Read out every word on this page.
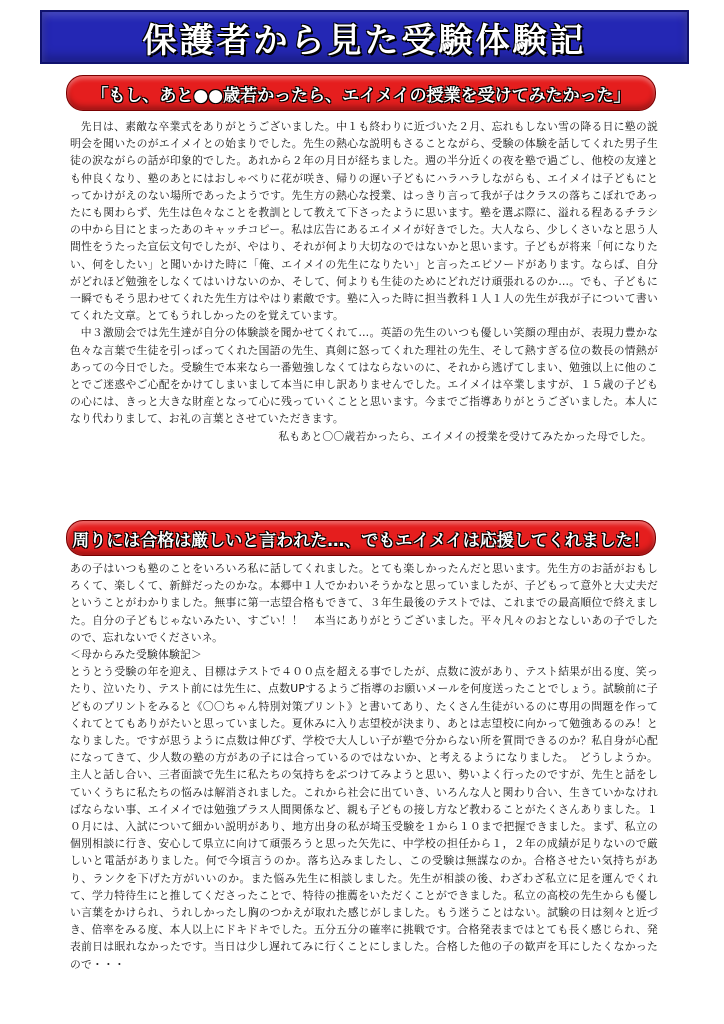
保護者から見た受験体験記
「もし、あと●●歳若かったら、エイメイの授業を受けてみたかった」

先日は、素敵な卒業式をありがとうございました。中１も終わりに近づいた２月、忘れもしない雪の降る日に塾の説明会を聞いたのがエイメイとの始まりでした。先生の熱心な説明もさることながら、受験の体験を話してくれた男子生徒の涙ながらの話が印象的でした。あれから２年の月日が経ちました。週の半分近くの夜を塾で過ごし、他校の友達とも仲良くなり、塾のあとにはおしゃべりに花が咲き、帰りの遅い子どもにハラハラしながらも、エイメイは子どもにとってかけがえのない場所であったようです。先生方の熱心な授業、はっきり言って我が子はクラスの落ちこぼれであったにも関わらず、先生は色々なことを教訓として教えて下さったように思います。塾を選ぶ際に、溢れる程あるチラシの中から目にとまったあのキャッチコピー。私は広告にあるエイメイが好きでした。大人なら、少しくさいなと思う人間性をうたった宣伝文句でしたが、やはり、それが何より大切なのではないかと思います。子どもが将来「何になりたい、何をしたい」と聞いかけた時に「俺、エイメイの先生になりたい」と言ったエピソードがあります。ならば、自分がどれほど勉強をしなくてはいけないのか、そして、何よりも生徒のためにどれだけ頑張れるのか…。でも、子どもに一瞬でもそう思わせてくれた先生方はやはり素敵です。塾に入った時に担当教科１人１人の先生が我が子について書いてくれた文章。とてもうれしかったのを覚えています。

中３激励会では先生達が自分の体験談を聞かせてくれて…。英語の先生のいつも優しい笑顔の理由が、表現力豊かな色々な言葉で生徒を引っぱってくれた国語の先生、真剣に怒ってくれた理社の先生、そして熱すぎる位の数長の情熱があっての今日でした。受験生で本来なら一番勉強しなくてはならないのに、それから逃げてしまい、勉強以上に他のことでご迷惑やご心配をかけてしまいまして本当に申し訳ありませんでした。エイメイは卒業しますが、１５歳の子どもの心には、きっと大きな財産となって心に残っていくことと思います。今までご指導ありがとうございました。本人になり代わりまして、お礼の言葉とさせていただきます。

私もあと〇〇歳若かったら、エイメイの授業を受けてみたかった母でした。

周りには合格は厳しいと言われた…、でもエイメイは応援してくれました！

あの子はいつも塾のことをいろいろ私に話してくれました。とても楽しかったんだと思います。先生方のお話がおもしろくて、楽しくて、新鮮だったのかな。本郷中１人でかわいそうかなと思っていましたが、子どもって意外と大丈夫だということがわかりました。無事に第一志望合格もできて、３年生最後のテストでは、これまでの最高順位で終えました。自分の子どもじゃないみたい、すごい！！　本当にありがとうございました。平々凡々のおとなしいあの子でしたので、忘れないでくださいネ。

＜母からみた受験体験記＞

とうとう受験の年を迎え、目標はテストで４００点を超える事でしたが、点数に波があり、テスト結果が出る度、笑ったり、泣いたり、テスト前には先生に、点数UPするようご指導のお願いメールを何度送ったことでしょう。試験前に子どものプリントをみると《〇〇ちゃん特別対策プリント》と書いてあり、たくさん生徒がいるのに専用の問題を作ってくれてとてもありがたいと思っていました。夏休みに入り志望校が決まり、あとは志望校に向かって勉強あるのみ！となりました。ですが思うように点数は伸びず、学校で大人しい子が塾で分からない所を質問できるのか？私自身が心配になってきて、少人数の塾の方があの子には合っているのではないか、と考えるようになりました。　どうしようか。主人と話し合い、三者面談で先生に私たちの気持ちをぶつけてみようと思い、勢いよく行ったのですが、先生と話をしていくうちに私たちの悩みは解消されました。これから社会に出ていき、いろんな人と関わり合い、生きていかなければならない事、エイメイでは勉強プラス人間関係など、親も子どもの接し方など教わることがたくさんありました。１０月には、入試について細かい説明があり、地方出身の私が埼玉受験を１から１０まで把握できました。まず、私立の個別相談に行き、安心して県立に向けて頑張ろうと思った矢先に、中学校の担任から１，２年の成績が足りないので厳しいと電話がありました。何で今頃言うのか。落ち込みましたし、この受験は無謀なのか。合格させたい気持ちがあり、ランクを下げた方がいいのか。また悩み先生に相談しました。先生が相談の後、わざわざ私立に足を運んでくれて、学力特待生にと推してくださったことで、特待の推薦をいただくことができました。私立の高校の先生からも優しい言葉をかけられ、うれしかったし胸のつかえが取れた感じがしました。もう迷うことはない。試験の日は刻々と近づき、倍率をみる度、本人以上にドキドキでした。五分五分の確率に挑戦です。合格発表まではとても長く感じられ、発表前日は眠れなかったです。当日は少し遅れてみに行くことにしました。合格した他の子の歓声を耳にしたくなかったので・・・
